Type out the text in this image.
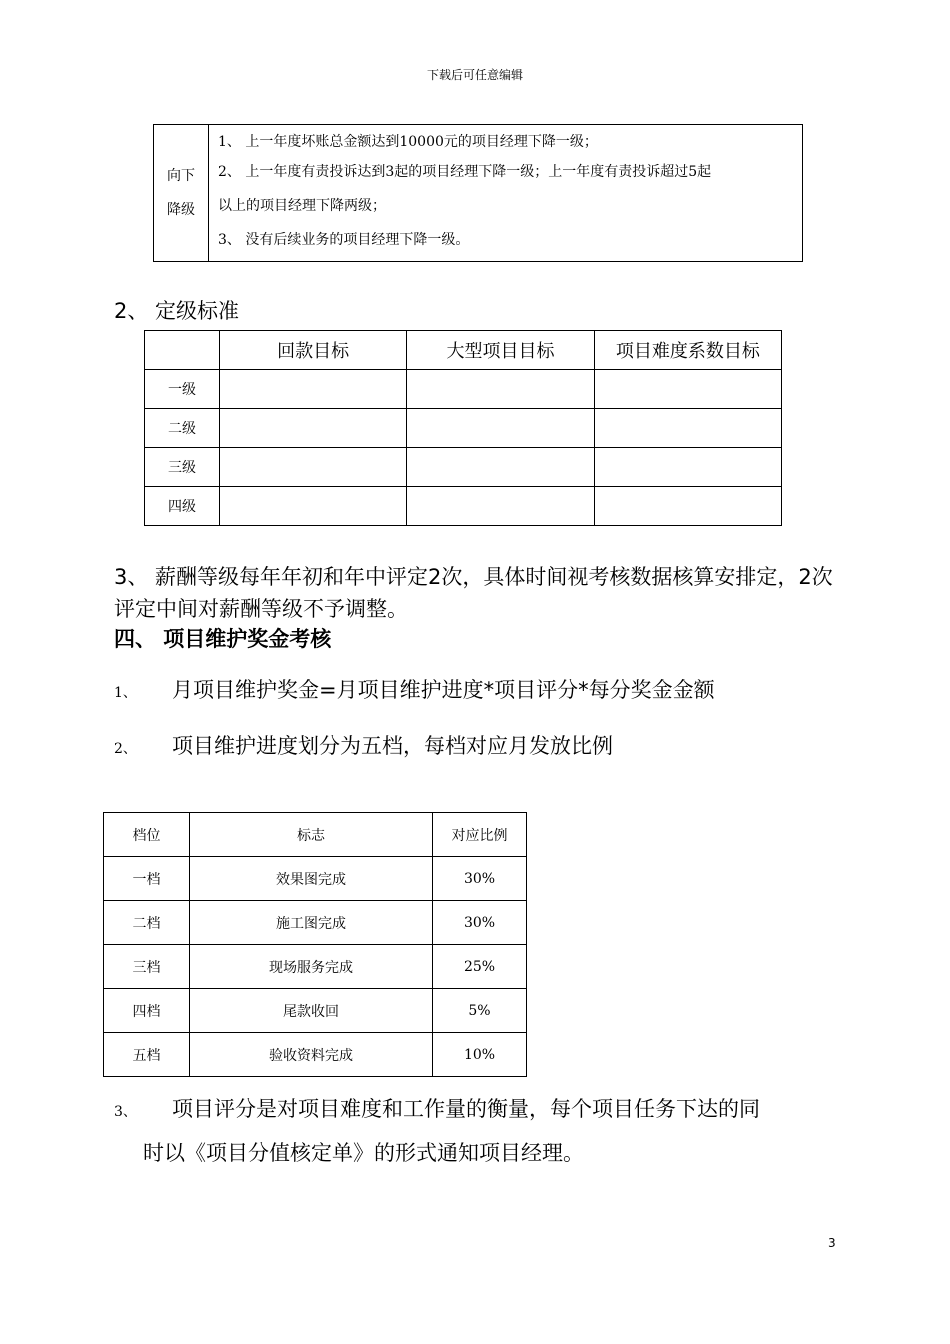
下载后可任意编辑
向下
降级

1、 上一年度坏账总金额达到10000元的项目经理下降一级；
2、 上一年度有责投诉达到3起的项目经理下降一级；上一年度有责投诉超过5起
以上的项目经理下降两级；
3、 没有后续业务的项目经理下降一级。
2、 定级标准
	回款目标	大型项目目标	项目难度系数目标
一级			
二级			
三级			
四级			
3、 薪酬等级每年年初和年中评定2次，具体时间视考核数据核算安排定，2次评定中间对薪酬等级不予调整。
四、 项目维护奖金考核
1、 月项目维护奖金=月项目维护进度*项目评分*每分奖金金额
2、 项目维护进度划分为五档，每档对应月发放比例
档位	标志	对应比例
一档	效果图完成	30%
二档	施工图完成	30%
三档	现场服务完成	25%
四档	尾款收回	5%
五档	验收资料完成	10%
3、 项目评分是对项目难度和工作量的衡量，每个项目任务下达的同
时以《项目分值核定单》的形式通知项目经理。
3
